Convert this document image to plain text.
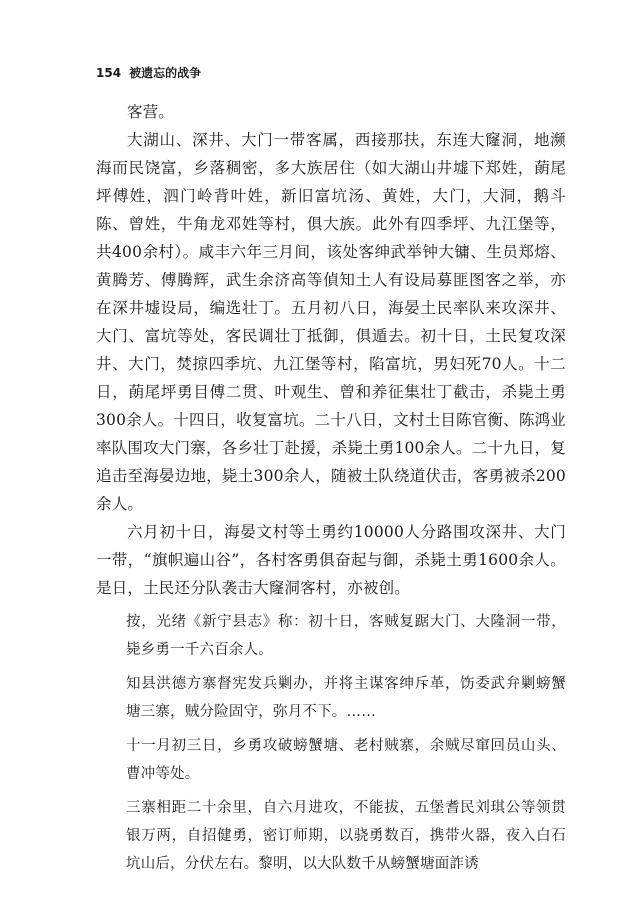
154 被遗忘的战争

客营。

大湖山、深井、大门一带客属，西接那扶，东连大窿洞，地濒海而民饶富，乡落稠密，多大族居住（如大湖山井墟下郑姓，蓢尾坪傅姓，泗门岭背叶姓，新旧富坑汤、黄姓，大门，大洞，鹅斗陈、曾姓，牛角龙邓姓等村，俱大族。此外有四季坪、九江堡等，共400余村）。咸丰六年三月间，该处客绅武举钟大镛、生员郑熔、黄腾芳、傅腾辉，武生余济高等偵知土人有设局募匪图客之举，亦在深井墟设局，编选壮丁。五月初八日，海晏土民率队来攻深井、大门、富坑等处，客民调壮丁抵御，俱遁去。初十日，土民复攻深井、大门，焚掠四季坑、九江堡等村，陷富坑，男妇死70人。十二日，蓢尾坪勇目傅二贯、叶观生、曾和养征集壮丁截击，杀毙土勇300余人。十四日，收复富坑。二十八日，文村土目陈官衡、陈鸿业率队围攻大门寨，各乡壮丁赴援，杀毙土勇100余人。二十九日，复追击至海晏边地，毙土300余人，随被土队绕道伏击，客勇被杀200余人。

六月初十日，海晏文村等土勇约10000人分路围攻深井、大门一带，“旗帜遍山谷”，各村客勇俱奋起与御，杀毙土勇1600余人。是日，土民还分队袭击大窿洞客村，亦被创。

按，光绪《新宁县志》称：初十日，客贼复踞大门、大隆洞一带，毙乡勇一千六百余人。

知县洪德方寨督宪发兵剿办，并将主谋客绅斥革，饬委武弁剿螃蟹塘三寨，贼分险固守，弥月不下。……

十一月初三日，乡勇攻破螃蟹塘、老村贼寨，余贼尽窜回员山头、曹冲等处。

三寨相距二十余里，自六月进攻，不能拔，五堡耆民刘琪公等领贯银万两，自招健勇，密订师期，以骁勇数百，携带火器，夜入白石坑山后，分伏左右。黎明，以大队数千从螃蟹塘面詐诱
